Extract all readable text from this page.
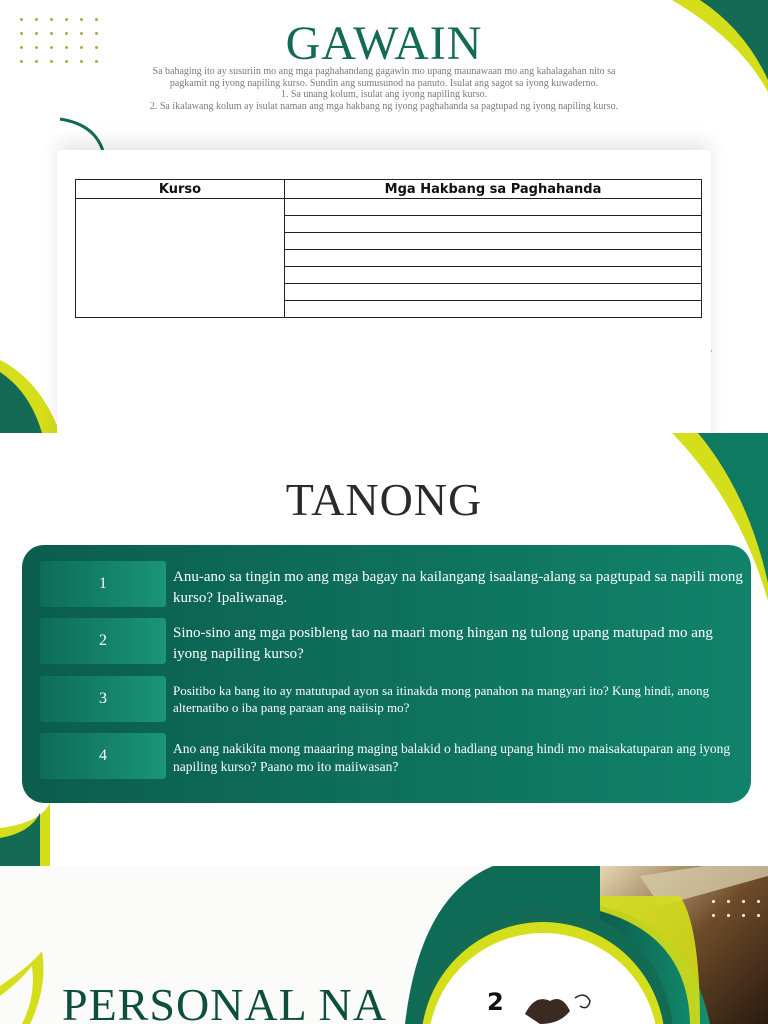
GAWAIN
Sa bahaging ito ay susuriin mo ang mga paghahandang gagawin mo upang maunawaan mo ang kahalagahan nito sa
pagkamit ng iyong napiling kurso. Sundin ang sumusunod na panuto. Isulat ang sagot sa iyong kuwaderno.
1. Sa unang kolum, isulat ang iyong napiling kurso.
2. Sa ikalawang kolum ay isulat naman ang mga hakbang ng iyong paghahanda sa pagtupad ng iyong napiling kurso.
Kurso	Mga Hakbang sa Paghahanda

TANONG
1	Anu-ano sa tingin mo ang mga bagay na kailangang isaalang-alang sa pagtupad sa napili mong kurso? Ipaliwanag.
2	Sino-sino ang mga posibleng tao na maari mong hingan ng tulong upang matupad mo ang iyong napiling kurso?
3	Positibo ka bang ito ay matutupad ayon sa itinakda mong panahon na mangyari ito? Kung hindi, anong alternatibo o iba pang paraan ang naiisip mo?
4	Ano ang nakikita mong maaaring maging balakid o hadlang upang hindi mo maisakatuparan ang iyong napiling kurso? Paano mo ito maiiwasan?
PERSONAL NA	2
